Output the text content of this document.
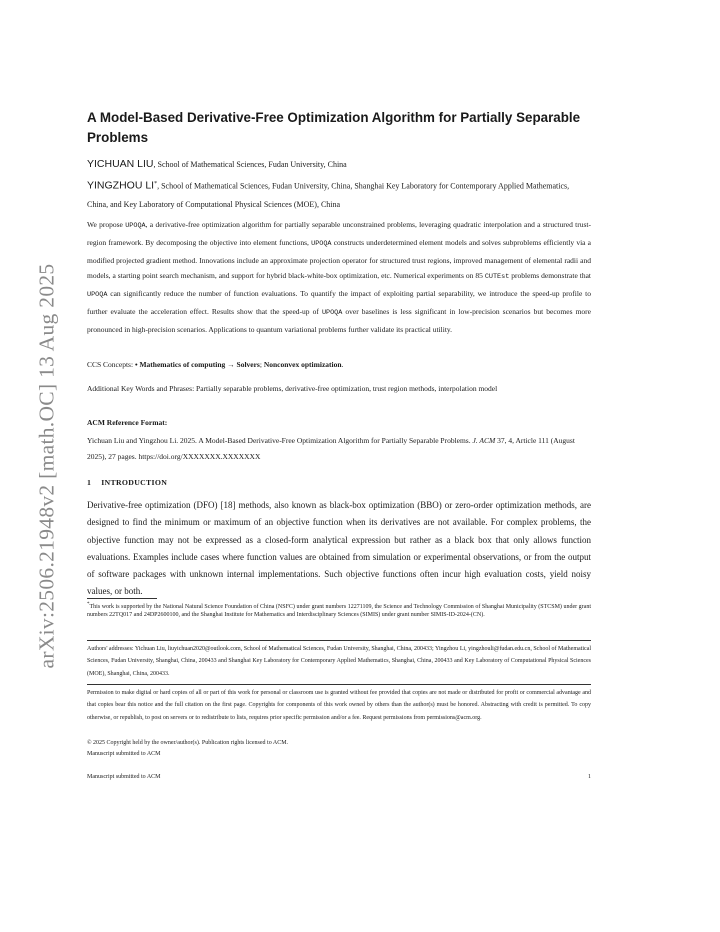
arXiv:2506.21948v2 [math.OC] 13 Aug 2025
A Model-Based Derivative-Free Optimization Algorithm for Partially Separable Problems
YICHUAN LIU, School of Mathematical Sciences, Fudan University, China
YINGZHOU LI*, School of Mathematical Sciences, Fudan University, China, Shanghai Key Laboratory for Contemporary Applied Mathematics, China, and Key Laboratory of Computational Physical Sciences (MOE), China

We propose UPOQA, a derivative-free optimization algorithm for partially separable unconstrained problems, leveraging quadratic interpolation and a structured trust-region framework. By decomposing the objective into element functions, UPOQA constructs underdetermined element models and solves subproblems efficiently via a modified projected gradient method. Innovations include an approximate projection operator for structured trust regions, improved management of elemental radii and models, a starting point search mechanism, and support for hybrid black-white-box optimization, etc. Numerical experiments on 85 CUTEst problems demonstrate that UPOQA can significantly reduce the number of function evaluations. To quantify the impact of exploiting partial separability, we introduce the speed-up profile to further evaluate the acceleration effect. Results show that the speed-up of UPOQA over baselines is less significant in low-precision scenarios but becomes more pronounced in high-precision scenarios. Applications to quantum variational problems further validate its practical utility.

CCS Concepts: • Mathematics of computing → Solvers; Nonconvex optimization.
Additional Key Words and Phrases: Partially separable problems, derivative-free optimization, trust region methods, interpolation model
ACM Reference Format:
Yichuan Liu and Yingzhou Li. 2025. A Model-Based Derivative-Free Optimization Algorithm for Partially Separable Problems. J. ACM 37, 4, Article 111 (August 2025), 27 pages. https://doi.org/XXXXXXX.XXXXXXX
1 INTRODUCTION

Derivative-free optimization (DFO) [18] methods, also known as black-box optimization (BBO) or zero-order optimization methods, are designed to find the minimum or maximum of an objective function when its derivatives are not available. For complex problems, the objective function may not be expressed as a closed-form analytical expression but rather as a black box that only allows function evaluations. Examples include cases where function values are obtained from simulation or experimental observations, or from the output of software packages with unknown internal implementations. Such objective functions often incur high evaluation costs, yield noisy values, or both.

*This work is supported by the National Natural Science Foundation of China (NSFC) under grant numbers 12271109, the Science and Technology Commission of Shanghai Municipality (STCSM) under grant numbers 22TQ017 and 24DP2600100, and the Shanghai Institute for Mathematics and Interdisciplinary Sciences (SIMIS) under grant number SIMIS-ID-2024-(CN).

Authors' addresses: Yichuan Liu, liuyichuan2020@outlook.com, School of Mathematical Sciences, Fudan University, Shanghai, China, 200433; Yingzhou Li, yingzhouli@fudan.edu.cn, School of Mathematical Sciences, Fudan University, Shanghai, China, 200433 and Shanghai Key Laboratory for Contemporary Applied Mathematics, Shanghai, China, 200433 and Key Laboratory of Computational Physical Sciences (MOE), Shanghai, China, 200433.

Permission to make digital or hard copies of all or part of this work for personal or classroom use is granted without fee provided that copies are not made or distributed for profit or commercial advantage and that copies bear this notice and the full citation on the first page. Copyrights for components of this work owned by others than the author(s) must be honored. Abstracting with credit is permitted. To copy otherwise, or republish, to post on servers or to redistribute to lists, requires prior specific permission and/or a fee. Request permissions from permissions@acm.org.

© 2025 Copyright held by the owner/author(s). Publication rights licensed to ACM.
Manuscript submitted to ACM
Manuscript submitted to ACM	1
